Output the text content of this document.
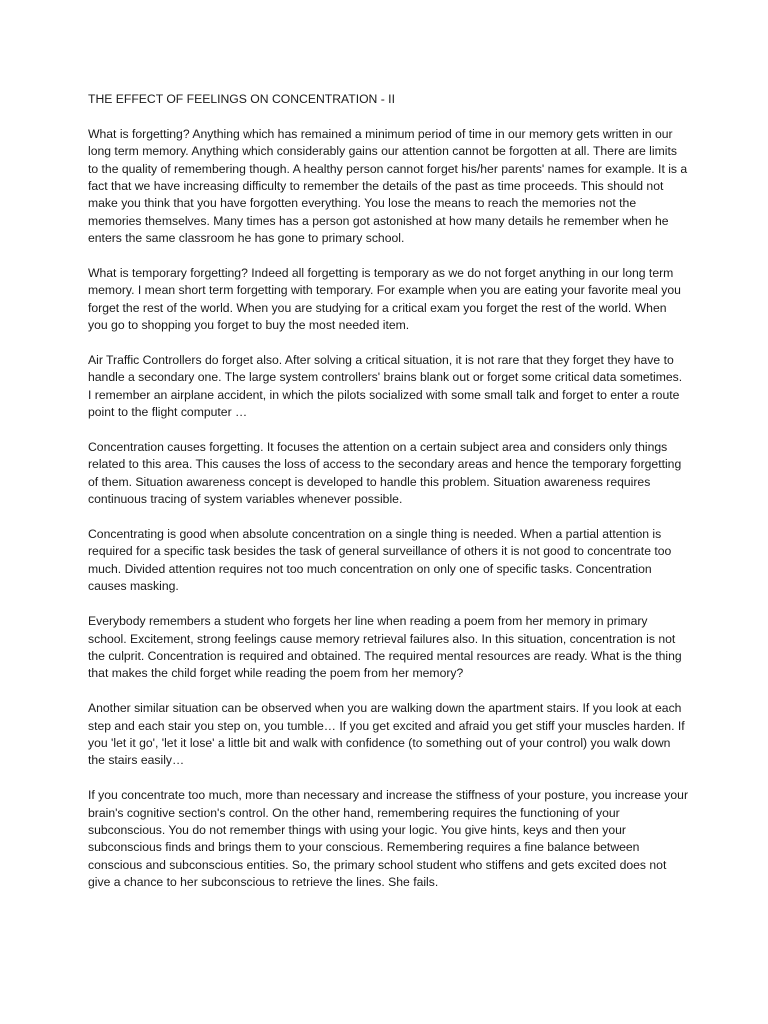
THE EFFECT OF FEELINGS ON CONCENTRATION - II

What is forgetting? Anything which has remained a minimum period of time in our memory gets written in our long term memory. Anything which considerably gains our attention cannot be forgotten at all. There are limits to the quality of remembering though. A healthy person cannot forget his/her parents' names for example. It is a fact that we have increasing difficulty to remember the details of the past as time proceeds. This should not make you think that you have forgotten everything. You lose the means to reach the memories not the memories themselves. Many times has a person got astonished at how many details he remember when he enters the same classroom he has gone to primary school.

What is temporary forgetting? Indeed all forgetting is temporary as we do not forget anything in our long term memory. I mean short term forgetting with temporary. For example when you are eating your favorite meal you forget the rest of the world. When you are studying for a critical exam you forget the rest of the world. When you go to shopping you forget to buy the most needed item.

Air Traffic Controllers do forget also. After solving a critical situation, it is not rare that they forget they have to handle a secondary one. The large system controllers' brains blank out or forget some critical data sometimes. I remember an airplane accident, in which the pilots socialized with some small talk and forget to enter a route point to the flight computer …

Concentration causes forgetting. It focuses the attention on a certain subject area and considers only things related to this area. This causes the loss of access to the secondary areas and hence the temporary forgetting of them. Situation awareness concept is developed to handle this problem. Situation awareness requires continuous tracing of system variables whenever possible.

Concentrating is good when absolute concentration on a single thing is needed. When a partial attention is required for a specific task besides the task of general surveillance of others it is not good to concentrate too much. Divided attention requires not too much concentration on only one of specific tasks. Concentration causes masking.

Everybody remembers a student who forgets her line when reading a poem from her memory in primary school. Excitement, strong feelings cause memory retrieval failures also. In this situation, concentration is not the culprit. Concentration is required and obtained. The required mental resources are ready. What is the thing that makes the child forget while reading the poem from her memory?

Another similar situation can be observed when you are walking down the apartment stairs. If you look at each step and each stair you step on, you tumble… If you get excited and afraid you get stiff your muscles harden. If you 'let it go', 'let it lose' a little bit and walk with confidence (to something out of your control) you walk down the stairs easily…

If you concentrate too much, more than necessary and increase the stiffness of your posture, you increase your brain's cognitive section's control. On the other hand, remembering requires the functioning of your subconscious. You do not remember things with using your logic. You give hints, keys and then your subconscious finds and brings them to your conscious. Remembering requires a fine balance between conscious and subconscious entities. So, the primary school student who stiffens and gets excited does not give a chance to her subconscious to retrieve the lines. She fails.
